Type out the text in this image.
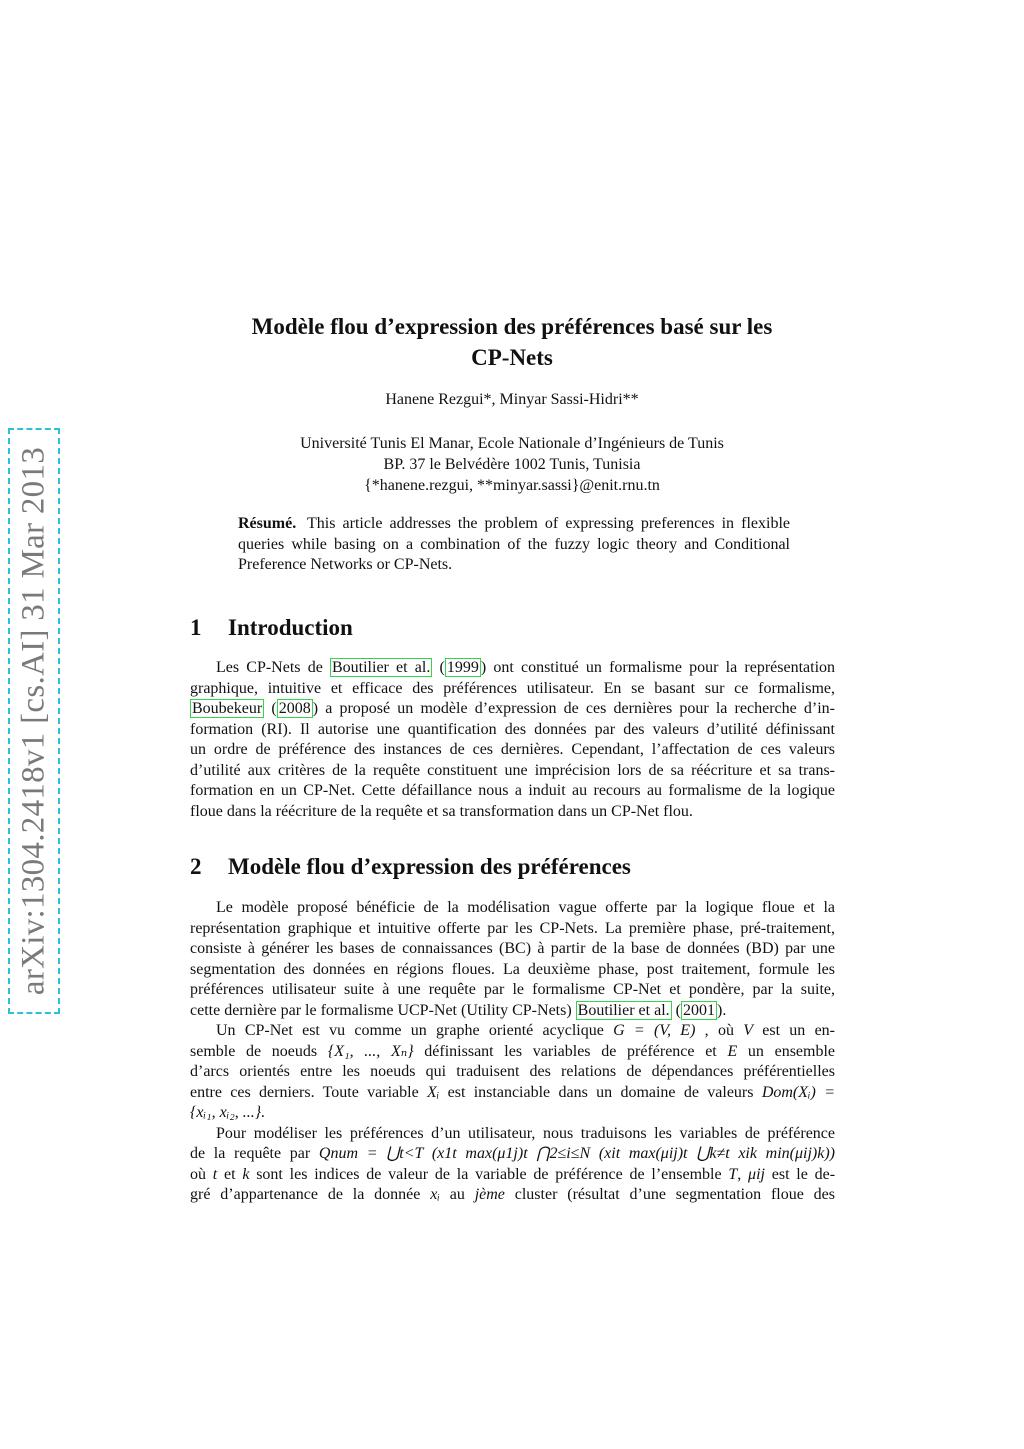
arXiv:1304.2418v1 [cs.AI] 31 Mar 2013
Modèle flou d’expression des préférences basé sur les
CP-Nets
Hanene Rezgui*, Minyar Sassi-Hidri**
Université Tunis El Manar, Ecole Nationale d’Ingénieurs de Tunis
BP. 37 le Belvédère 1002 Tunis, Tunisia
{*hanene.rezgui, **minyar.sassi}@enit.rnu.tn
Résumé. This article addresses the problem of expressing preferences in flexible
queries while basing on a combination of the fuzzy logic theory and Conditional
Preference Networks or CP-Nets.
1 Introduction
Les CP-Nets de Boutilier et al. ( 1999 ) ont constitué un formalisme pour la représentation
graphique, intuitive et efficace des préférences utilisateur. En se basant sur ce formalisme,
Boubekeur ( 2008 ) a proposé un modèle d’expression de ces dernières pour la recherche d’in-
formation (RI). Il autorise une quantification des données par des valeurs d’utilité définissant
un ordre de préférence des instances de ces dernières. Cependant, l’affectation de ces valeurs
d’utilité aux critères de la requête constituent une imprécision lors de sa réécriture et sa trans-
formation en un CP-Net. Cette défaillance nous a induit au recours au formalisme de la logique
floue dans la réécriture de la requête et sa transformation dans un CP-Net flou.
2 Modèle flou d’expression des préférences
Le modèle proposé bénéficie de la modélisation vague offerte par la logique floue et la
représentation graphique et intuitive offerte par les CP-Nets. La première phase, pré-traitement,
consiste à générer les bases de connaissances (BC) à partir de la base de données (BD) par une
segmentation des données en régions floues. La deuxième phase, post traitement, formule les
préférences utilisateur suite à une requête par le formalisme CP-Net et pondère, par la suite,
cette dernière par le formalisme UCP-Net (Utility CP-Nets) Boutilier et al. ( 2001 ).
Un CP-Net est vu comme un graphe orienté acyclique G = (V, E) , où V est un en-
semble de noeuds {X₁, ..., Xₙ} définissant les variables de préférence et E un ensemble
d’arcs orientés entre les noeuds qui traduisent des relations de dépendances préférentielles
entre ces derniers. Toute variable Xᵢ est instanciable dans un domaine de valeurs Dom(Xᵢ) =
{xᵢ₁, xᵢ₂, ...}.
Pour modéliser les préférences d’un utilisateur, nous traduisons les variables de préférence
de la requête par Qnum = ⋃t<T (x1t max(μ1j)t ⋂2≤i≤N (xit max(μij)t ⋃k≠t xik min(μij)k))
où t et k sont les indices de valeur de la variable de préférence de l’ensemble T, μij est le de-
gré d’appartenance de la donnée xᵢ au jème cluster (résultat d’une segmentation floue des
